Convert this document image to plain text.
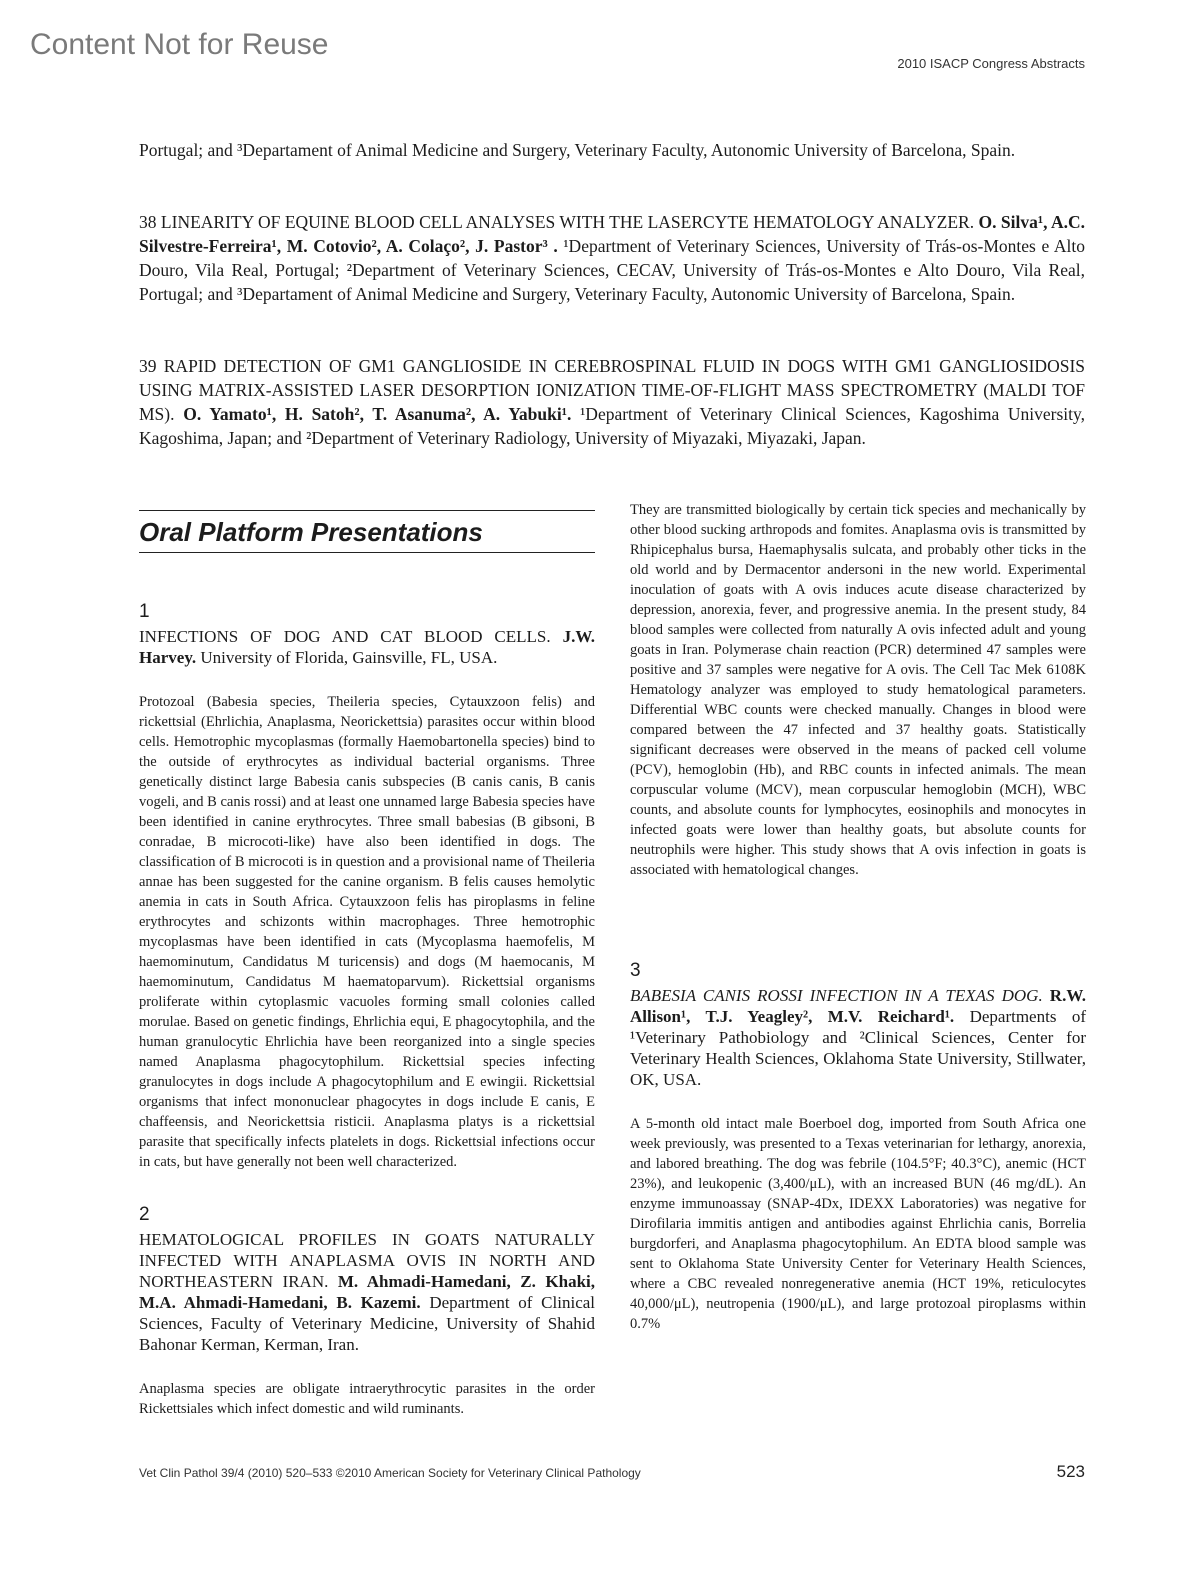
Content Not for Reuse
2010 ISACP Congress Abstracts

Portugal; and ³Departament of Animal Medicine and Surgery, Veterinary Faculty, Autonomic University of Barcelona, Spain.

38 LINEARITY OF EQUINE BLOOD CELL ANALYSES WITH THE LASERCYTE HEMATOLOGY ANALYZER. O. Silva¹, A.C. Silvestre-Ferreira¹, M. Cotovio², A. Colaço², J. Pastor³ . ¹Department of Veterinary Sciences, University of Trás-os-Montes e Alto Douro, Vila Real, Portugal; ²Department of Veterinary Sciences, CECAV, University of Trás-os-Montes e Alto Douro, Vila Real, Portugal; and ³Departament of Animal Medicine and Surgery, Veterinary Faculty, Autonomic University of Barcelona, Spain.

39 RAPID DETECTION OF GM1 GANGLIOSIDE IN CEREBROSPINAL FLUID IN DOGS WITH GM1 GANGLIOSIDOSIS USING MATRIX-ASSISTED LASER DESORPTION IONIZATION TIME-OF-FLIGHT MASS SPECTROMETRY (MALDI TOF MS). O. Yamato¹, H. Satoh², T. Asanuma², A. Yabuki¹. ¹Department of Veterinary Clinical Sciences, Kagoshima University, Kagoshima, Japan; and ²Department of Veterinary Radiology, University of Miyazaki, Miyazaki, Japan.

Oral Platform Presentations
1

INFECTIONS OF DOG AND CAT BLOOD CELLS. J.W. Harvey. University of Florida, Gainsville, FL, USA.

Protozoal (Babesia species, Theileria species, Cytauxzoon felis) and rickettsial (Ehrlichia, Anaplasma, Neorickettsia) parasites occur within blood cells. Hemotrophic mycoplasmas (formally Haemobartonella species) bind to the outside of erythrocytes as individual bacterial organisms. Three genetically distinct large Babesia canis subspecies (B canis canis, B canis vogeli, and B canis rossi) and at least one unnamed large Babesia species have been identified in canine erythrocytes. Three small babesias (B gibsoni, B conradae, B microcoti-like) have also been identified in dogs. The classification of B microcoti is in question and a provisional name of Theileria annae has been suggested for the canine organism. B felis causes hemolytic anemia in cats in South Africa. Cytauxzoon felis has piroplasms in feline erythrocytes and schizonts within macrophages. Three hemotrophic mycoplasmas have been identified in cats (Mycoplasma haemofelis, M haemominutum, Candidatus M turicensis) and dogs (M haemocanis, M haemominutum, Candidatus M haematoparvum). Rickettsial organisms proliferate within cytoplasmic vacuoles forming small colonies called morulae. Based on genetic findings, Ehrlichia equi, E phagocytophila, and the human granulocytic Ehrlichia have been reorganized into a single species named Anaplasma phagocytophilum. Rickettsial species infecting granulocytes in dogs include A phagocytophilum and E ewingii. Rickettsial organisms that infect mononuclear phagocytes in dogs include E canis, E chaffeensis, and Neorickettsia risticii. Anaplasma platys is a rickettsial parasite that specifically infects platelets in dogs. Rickettsial infections occur in cats, but have generally not been well characterized.

2

HEMATOLOGICAL PROFILES IN GOATS NATURALLY INFECTED WITH ANAPLASMA OVIS IN NORTH AND NORTHEASTERN IRAN. M. Ahmadi-Hamedani, Z. Khaki, M.A. Ahmadi-Hamedani, B. Kazemi. Department of Clinical Sciences, Faculty of Veterinary Medicine, University of Shahid Bahonar Kerman, Kerman, Iran.

Anaplasma species are obligate intraerythrocytic parasites in the order Rickettsiales which infect domestic and wild ruminants.

They are transmitted biologically by certain tick species and mechanically by other blood sucking arthropods and fomites. Anaplasma ovis is transmitted by Rhipicephalus bursa, Haemaphysalis sulcata, and probably other ticks in the old world and by Dermacentor andersoni in the new world. Experimental inoculation of goats with A ovis induces acute disease characterized by depression, anorexia, fever, and progressive anemia. In the present study, 84 blood samples were collected from naturally A ovis infected adult and young goats in Iran. Polymerase chain reaction (PCR) determined 47 samples were positive and 37 samples were negative for A ovis. The Cell Tac Mek 6108K Hematology analyzer was employed to study hematological parameters. Differential WBC counts were checked manually. Changes in blood were compared between the 47 infected and 37 healthy goats. Statistically significant decreases were observed in the means of packed cell volume (PCV), hemoglobin (Hb), and RBC counts in infected animals. The mean corpuscular volume (MCV), mean corpuscular hemoglobin (MCH), WBC counts, and absolute counts for lymphocytes, eosinophils and monocytes in infected goats were lower than healthy goats, but absolute counts for neutrophils were higher. This study shows that A ovis infection in goats is associated with hematological changes.

3

BABESIA CANIS ROSSI INFECTION IN A TEXAS DOG. R.W. Allison¹, T.J. Yeagley², M.V. Reichard¹. Departments of ¹Veterinary Pathobiology and ²Clinical Sciences, Center for Veterinary Health Sciences, Oklahoma State University, Stillwater, OK, USA.

A 5-month old intact male Boerboel dog, imported from South Africa one week previously, was presented to a Texas veterinarian for lethargy, anorexia, and labored breathing. The dog was febrile (104.5°F; 40.3°C), anemic (HCT 23%), and leukopenic (3,400/μL), with an increased BUN (46 mg/dL). An enzyme immunoassay (SNAP-4Dx, IDEXX Laboratories) was negative for Dirofilaria immitis antigen and antibodies against Ehrlichia canis, Borrelia burgdorferi, and Anaplasma phagocytophilum. An EDTA blood sample was sent to Oklahoma State University Center for Veterinary Health Sciences, where a CBC revealed nonregenerative anemia (HCT 19%, reticulocytes 40,000/μL), neutropenia (1900/μL), and large protozoal piroplasms within 0.7%

Vet Clin Pathol 39/4 (2010) 520–533 ©2010 American Society for Veterinary Clinical Pathology	523
